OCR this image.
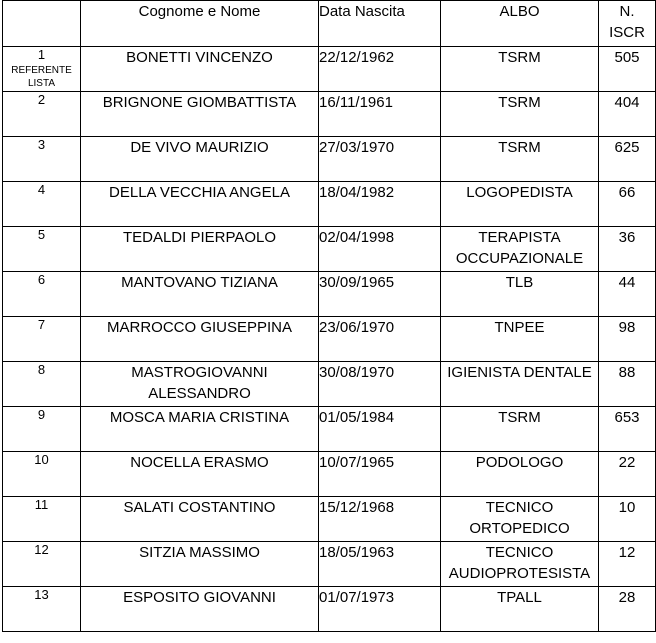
	Cognome e Nome	Data Nascita	ALBO	N.
ISCR

1
REFERENTE LISTA	BONETTI VINCENZO	22/12/1962	TSRM	505

2	BRIGNONE GIOMBATTISTA	16/11/1961	TSRM	404

3	DE VIVO MAURIZIO	27/03/1970	TSRM	625

4	DELLA VECCHIA ANGELA	18/04/1982	LOGOPEDISTA	66

5	TEDALDI PIERPAOLO	02/04/1998	TERAPISTA
OCCUPAZIONALE	36

6	MANTOVANO TIZIANA	30/09/1965	TLB	44

7	MARROCCO GIUSEPPINA	23/06/1970	TNPEE	98

8	MASTROGIOVANNI
ALESSANDRO	30/08/1970	IGIENISTA DENTALE	88

9	MOSCA MARIA CRISTINA	01/05/1984	TSRM	653

10	NOCELLA ERASMO	10/07/1965	PODOLOGO	22

11	SALATI COSTANTINO	15/12/1968	TECNICO
ORTOPEDICO	10

12	SITZIA MASSIMO	18/05/1963	TECNICO
AUDIOPROTESISTA	12

13	ESPOSITO GIOVANNI	01/07/1973	TPALL	28
